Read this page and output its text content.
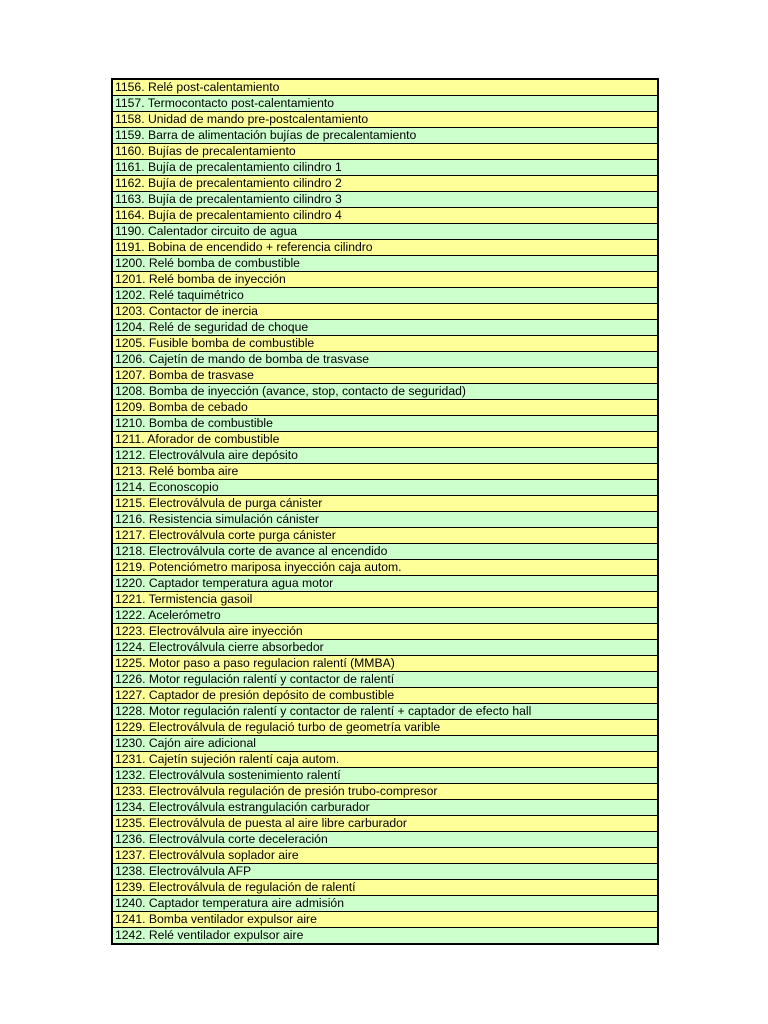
1156. Relé post-calentamiento
1157. Termocontacto post-calentamiento
1158. Unidad de mando pre-postcalentamiento
1159. Barra de alimentación bujías de precalentamiento
1160. Bujías de precalentamiento
1161. Bujía de precalentamiento cilindro 1
1162. Bujía de precalentamiento cilindro 2
1163. Bujía de precalentamiento cilindro 3
1164. Bujía de precalentamiento cilindro 4
1190. Calentador circuito de agua
1191. Bobina de encendido + referencia cilindro
1200. Relé bomba de combustible
1201. Relé bomba de inyección
1202. Relé taquimétrico
1203. Contactor de inercia
1204. Relé de seguridad de choque
1205. Fusible bomba de combustible
1206. Cajetín de mando de bomba de trasvase
1207. Bomba de trasvase
1208. Bomba de inyección (avance, stop, contacto de seguridad)
1209. Bomba de cebado
1210. Bomba de combustible
1211. Aforador de combustible
1212. Electroválvula aire depósito
1213. Relé bomba aire
1214. Econoscopio
1215. Electroválvula de purga cánister
1216. Resistencia simulación cánister
1217. Electroválvula corte purga cánister
1218. Electroválvula corte de avance al encendido
1219. Potenciómetro mariposa inyección caja autom.
1220. Captador temperatura agua motor
1221. Termistencia gasoil
1222. Acelerómetro
1223. Electroválvula aire inyección
1224. Electroválvula cierre absorbedor
1225. Motor paso a paso regulacion ralentí (MMBA)
1226. Motor regulación ralentí y contactor de ralentí
1227. Captador de presión depósito de combustible
1228. Motor regulación ralentí y contactor de ralentí + captador de efecto hall
1229. Electroválvula de regulació turbo de geometría varible
1230. Cajón aire adicional
1231. Cajetín sujeción ralentí caja autom.
1232. Electroválvula sostenimiento ralentí
1233. Electroválvula regulación de presión trubo-compresor
1234. Electroválvula estrangulación carburador
1235. Electroválvula de puesta al aire libre carburador
1236. Electroválvula corte deceleración
1237. Electroválvula soplador aire
1238. Electroválvula AFP
1239. Electroválvula de regulación de ralentí
1240. Captador temperatura aire admisión
1241. Bomba ventilador expulsor aire
1242. Relé ventilador expulsor aire
